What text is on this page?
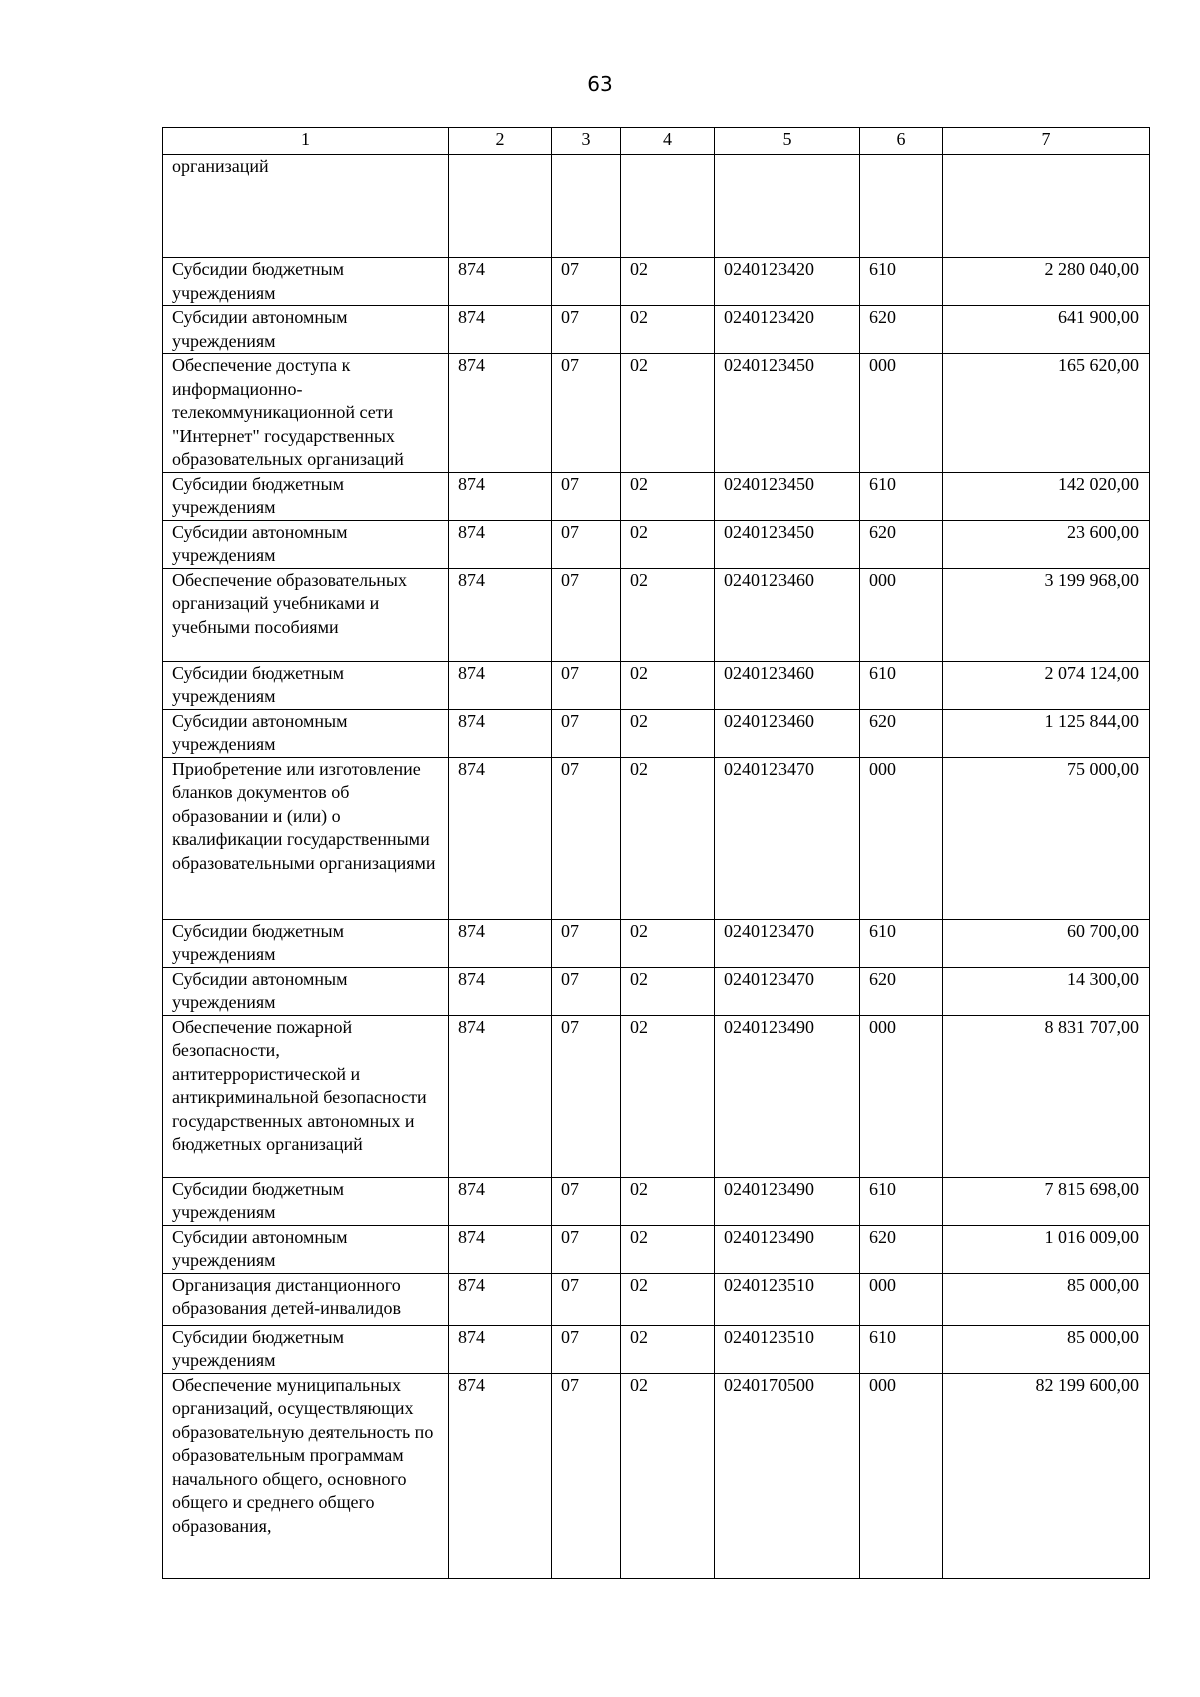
63
1	2	3	4	5	6	7
организаций						
Субсидии бюджетным учреждениям	874	07	02	0240123420	610	2 280 040,00
Субсидии автономным учреждениям	874	07	02	0240123420	620	641 900,00
Обеспечение доступа к информационно-телекоммуникационной сети "Интернет" государственных образовательных организаций	874	07	02	0240123450	000	165 620,00
Субсидии бюджетным учреждениям	874	07	02	0240123450	610	142 020,00
Субсидии автономным учреждениям	874	07	02	0240123450	620	23 600,00
Обеспечение образовательных организаций учебниками и учебными пособиями	874	07	02	0240123460	000	3 199 968,00
Субсидии бюджетным учреждениям	874	07	02	0240123460	610	2 074 124,00
Субсидии автономным учреждениям	874	07	02	0240123460	620	1 125 844,00
Приобретение или изготовление бланков документов об образовании и (или) о квалификации государственными образовательными организациями	874	07	02	0240123470	000	75 000,00
Субсидии бюджетным учреждениям	874	07	02	0240123470	610	60 700,00
Субсидии автономным учреждениям	874	07	02	0240123470	620	14 300,00
Обеспечение пожарной безопасности, антитеррористической и антикриминальной безопасности государственных автономных и бюджетных организаций	874	07	02	0240123490	000	8 831 707,00
Субсидии бюджетным учреждениям	874	07	02	0240123490	610	7 815 698,00
Субсидии автономным учреждениям	874	07	02	0240123490	620	1 016 009,00
Организация дистанционного образования детей-инвалидов	874	07	02	0240123510	000	85 000,00
Субсидии бюджетным учреждениям	874	07	02	0240123510	610	85 000,00
Обеспечение муниципальных организаций, осуществляющих образовательную деятельность по образовательным программам начального общего, основного общего и среднего общего образования,	874	07	02	0240170500	000	82 199 600,00
